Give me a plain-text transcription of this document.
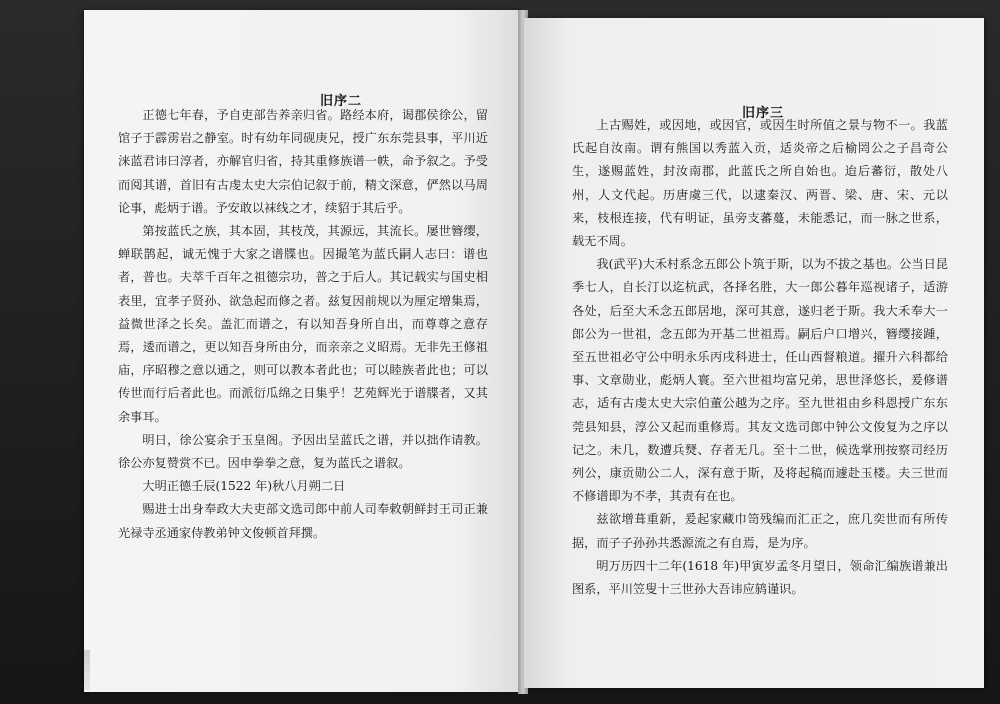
旧序二

正德七年春，予自吏部告养亲归省。路经本府，谒郡侯徐公，留馆子于霹雳岩之静室。时有幼年同砚庚兄，授广东东莞县事，平川近涞蓝君讳曰淳者，亦解官归省，持其重修族谱一帙，命予叙之。予受而阅其谱，首旧有古虔太史大宗伯记叙于前，精文深意，俨然以马周论事，彪炳于谱。予安敢以袜线之才，续貂于其后乎。

第按蓝氏之族，其本固，其枝茂，其源远，其流长。屡世簪缨，蝉联鹊起，诚无愧于大家之谱牒也。因撮笔为蓝氏嗣人志曰：谱也者，普也。夫萃千百年之祖德宗功，普之于后人。其记载实与国史相表里，宜孝子贤孙、欲急起而修之者。兹复因前规以为厘定增集焉，益微世泽之长矣。盖汇而谱之，有以知吾身所自出，而尊尊之意存焉，逶而谱之，更以知吾身所由分，而亲亲之义昭焉。无非先王修祖庙，序昭穆之意以通之，则可以教本者此也；可以睦族者此也；可以传世而行后者此也。而派衍瓜绵之日集乎！艺苑辉光于谱牒者，又其余事耳。

明日，徐公宴余于玉皇阁。予因出呈蓝氏之谱，并以拙作请教。徐公亦复赞赏不已。因申拳拳之意，复为蓝氏之谱叙。

大明正德壬辰(1522 年)秋八月朔二日

赐进士出身奉政大夫吏部文选司郎中前人司奉敕朝鲜封王司正兼光禄寺丞通家侍教弟钟文俊顿首拜撰。

旧序三

上古赐姓，或因地，或因官，或因生时所值之景与物不一。我蓝氏起自汝南。谓有熊国以秀蓝入贡，适炎帝之后榆罔公之子昌奇公生，遂赐蓝姓，封汝南郡，此蓝氏之所自始也。迨后蕃衍，散处八州，人文代起。历唐虞三代，以逮秦汉、两晋、梁、唐、宋、元以来，枝根连接，代有明证，虽旁支蕃蔓，未能悉记，而一脉之世系，载无不周。

我(武平)大禾村系念五郎公卜筑于斯，以为不拔之基也。公当日昆季七人，自长汀以迄杭武，各择名胜，大一郎公暮年巡视诸子，适游各处，后至大禾念五郎居地，深可其意，遂归老于斯。我大禾奉大一郎公为一世祖，念五郎为开基二世祖焉。嗣后户口增兴，簪缨接踵，至五世祖必守公中明永乐丙戌科进士，任山西督粮道。擢升六科都给事、文章勋业，彪炳人寰。至六世祖均富兄弟，思世泽悠长，爰修谱志，适有古虔太史大宗伯董公越为之序。至九世祖由乡科恩授广东东莞县知县，淳公又起而重修焉。其友文选司郎中钟公文俊复为之序以记之。未几，数遭兵燹、存者无几。至十二世，候选掌刑按察司经历列公，康贡勋公二人，深有意于斯，及将起稿而遽赴玉楼。夫三世而不修谱即为不孝，其责有在也。

兹欲增葺重新，爰起家藏巾笥残编而汇正之，庶几奕世而有所传据，而子子孙孙共悉源流之有自焉，是为序。

明万历四十二年(1618 年)甲寅岁孟冬月望日，领命汇编族谱兼出图系，平川笠叟十三世孙大吾讳应鸫谨识。
